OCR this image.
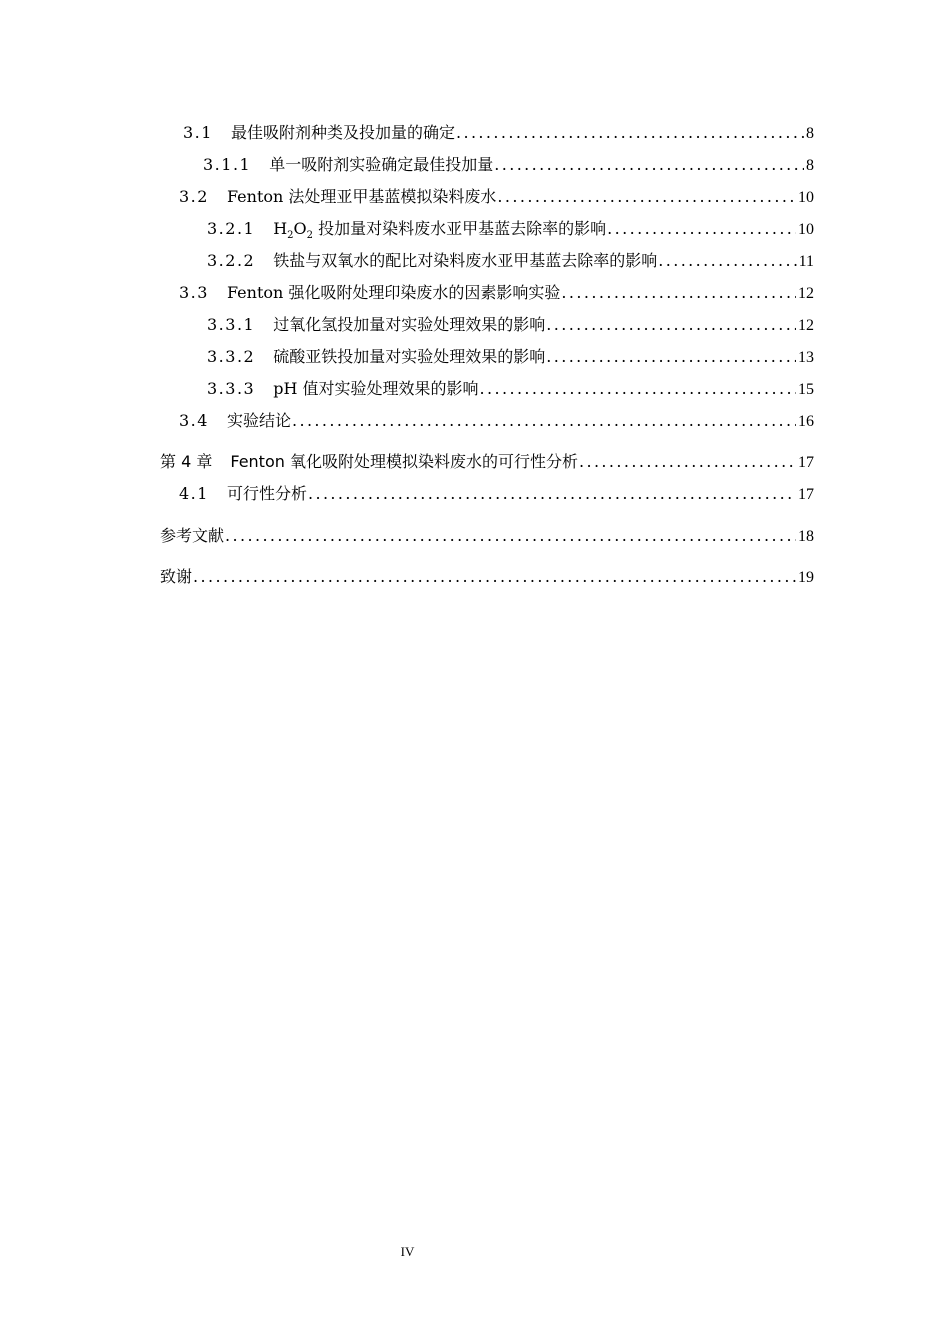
3.1 最佳吸附剂种类及投加量的确定 .....	8
3.1.1 单一吸附剂实验确定最佳投加量 .....	8
3.2 Fenton 法处理亚甲基蓝模拟染料废水 .....	10
3.2.1 $H_2O_2$ 投加量对染料废水亚甲基蓝去除率的影响 .....	10
3.2.2 铁盐与双氧水的配比对染料废水亚甲基蓝去除率的影响 .....	11
3.3 Fenton 强化吸附处理印染废水的因素影响实验 .....	12
3.3.1 过氧化氢投加量对实验处理效果的影响 .....	12
3.3.2 硫酸亚铁投加量对实验处理效果的影响 .....	13
3.3.3 pH 值对实验处理效果的影响 .....	15
3.4 实验结论 .....	16
第 4 章 Fenton 氧化吸附处理模拟染料废水的可行性分析 .....	17
4.1 可行性分析 .....	17
参考文献 .....	18
致谢 .....	19
IV
